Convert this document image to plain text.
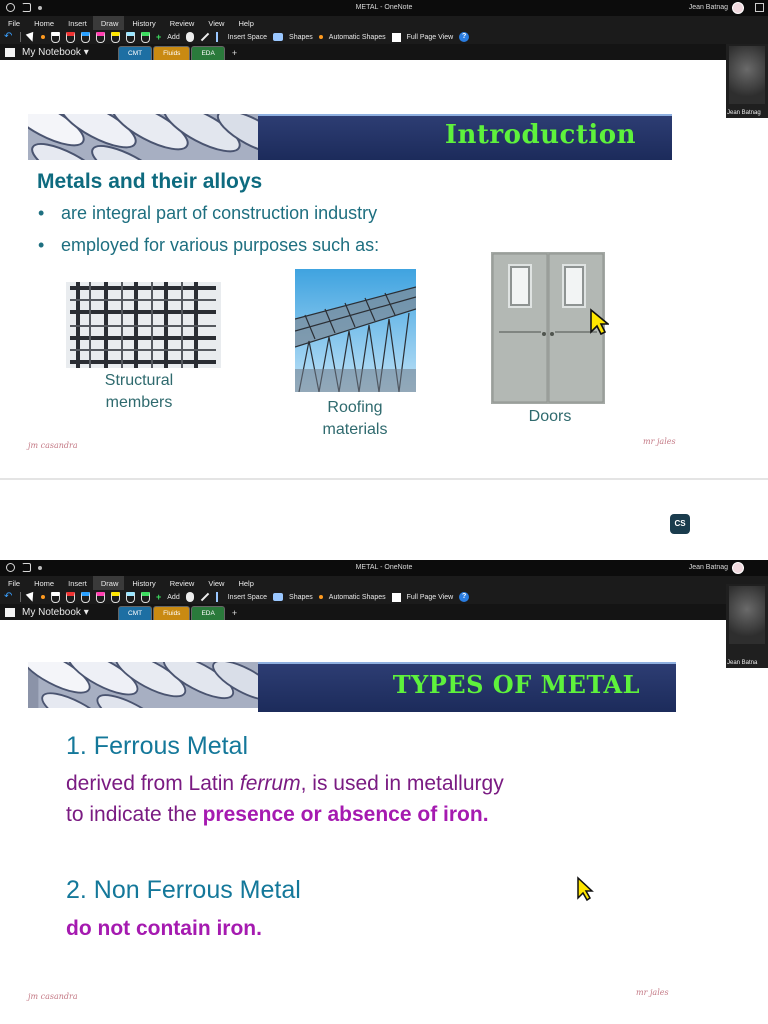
METAL - OneNote	Jean Batnag
File	Home	Insert	Draw	History	Review	View	Help
↶	+ Add	Insert Space	Shapes Automatic Shapes	Full Page View	?
My Notebook ▾	CMT	Fluids	EDA	+
Jean Batnag
Introduction
Metals and their alloys
• are integral part of construction industry
• employed for various purposes such as:
Structural
members	Roofing
materials
Doors
jm casandra	mr jales
CS
METAL - OneNote	Jean Batnag
File	Home	Insert	Draw	History	Review	View	Help
↶	+ Add	Insert Space	Shapes Automatic Shapes	Full Page View	?
My Notebook ▾	CMT	Fluids	EDA	+
Jean Batna
TYPES OF METAL
1. Ferrous Metal
derived from Latin ferrum, is used in metallurgy
to indicate the presence or absence of iron.
2. Non Ferrous Metal
do not contain iron.
jm casandra	mr jales
